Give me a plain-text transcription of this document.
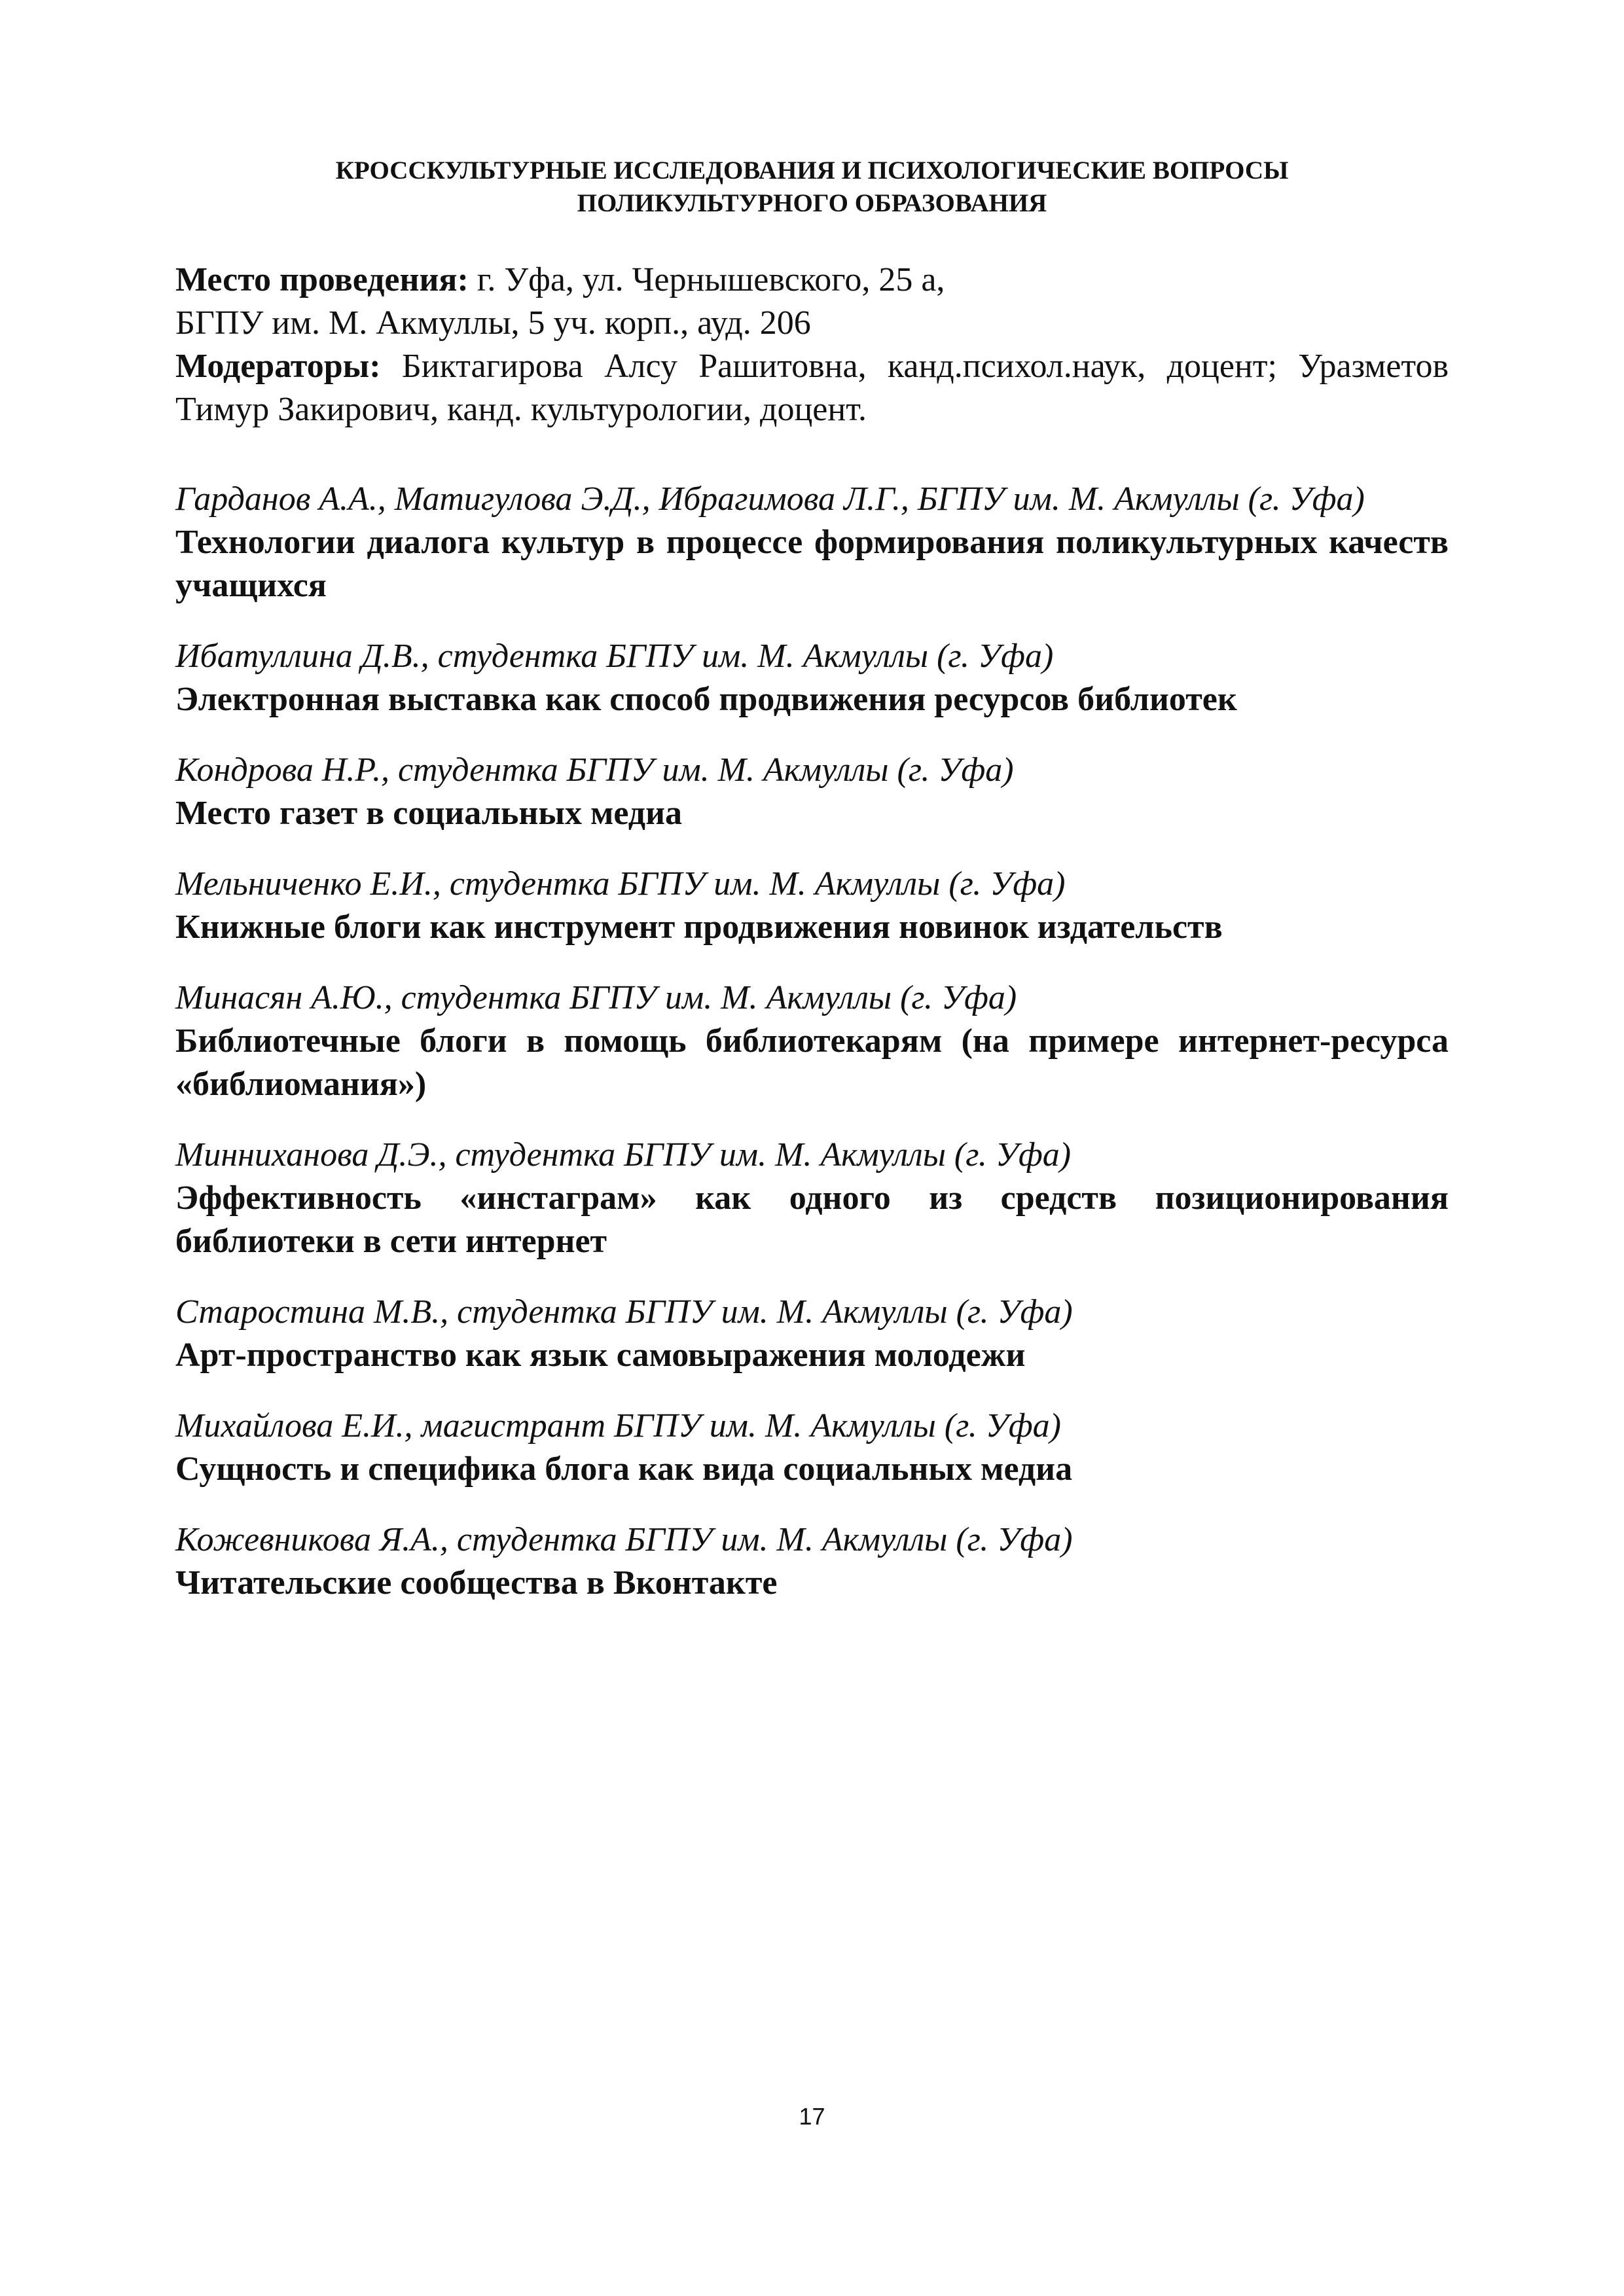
КРОССКУЛЬТУРНЫЕ ИССЛЕДОВАНИЯ И ПСИХОЛОГИЧЕСКИЕ ВОПРОСЫ
ПОЛИКУЛЬТУРНОГО ОБРАЗОВАНИЯ

Место проведения: г. Уфа, ул. Чернышевского, 25 а,

БГПУ им. М. Акмуллы, 5 уч. корп., ауд. 206

Модераторы: Биктагирова Алсу Рашитовна, канд.психол.наук, доцент; Уразметов Тимур Закирович, канд. культурологии, доцент.

Гарданов А.А., Матигулова Э.Д., Ибрагимова Л.Г., БГПУ им. М. Акмуллы (г. Уфа)
Технологии диалога культур в процессе формирования поликультурных качеств учащихся
Ибатуллина Д.В., студентка БГПУ им. М. Акмуллы (г. Уфа)
Электронная выставка как способ продвижения ресурсов библиотек
Кондрова Н.Р., студентка БГПУ им. М. Акмуллы (г. Уфа)
Место газет в социальных медиа
Мельниченко Е.И., студентка БГПУ им. М. Акмуллы (г. Уфа)
Книжные блоги как инструмент продвижения новинок издательств
Минасян А.Ю., студентка БГПУ им. М. Акмуллы (г. Уфа)
Библиотечные блоги в помощь библиотекарям (на примере интернет-ресурса «библиомания»)
Минниханова Д.Э., студентка БГПУ им. М. Акмуллы (г. Уфа)
Эффективность «инстаграм» как одного из средств позиционирования библиотеки в сети интернет
Старостина М.В., студентка БГПУ им. М. Акмуллы (г. Уфа)
Арт-пространство как язык самовыражения молодежи
Михайлова Е.И., магистрант БГПУ им. М. Акмуллы (г. Уфа)
Сущность и специфика блога как вида социальных медиа
Кожевникова Я.А., студентка БГПУ им. М. Акмуллы (г. Уфа)
Читательские сообщества в Вконтакте
17
